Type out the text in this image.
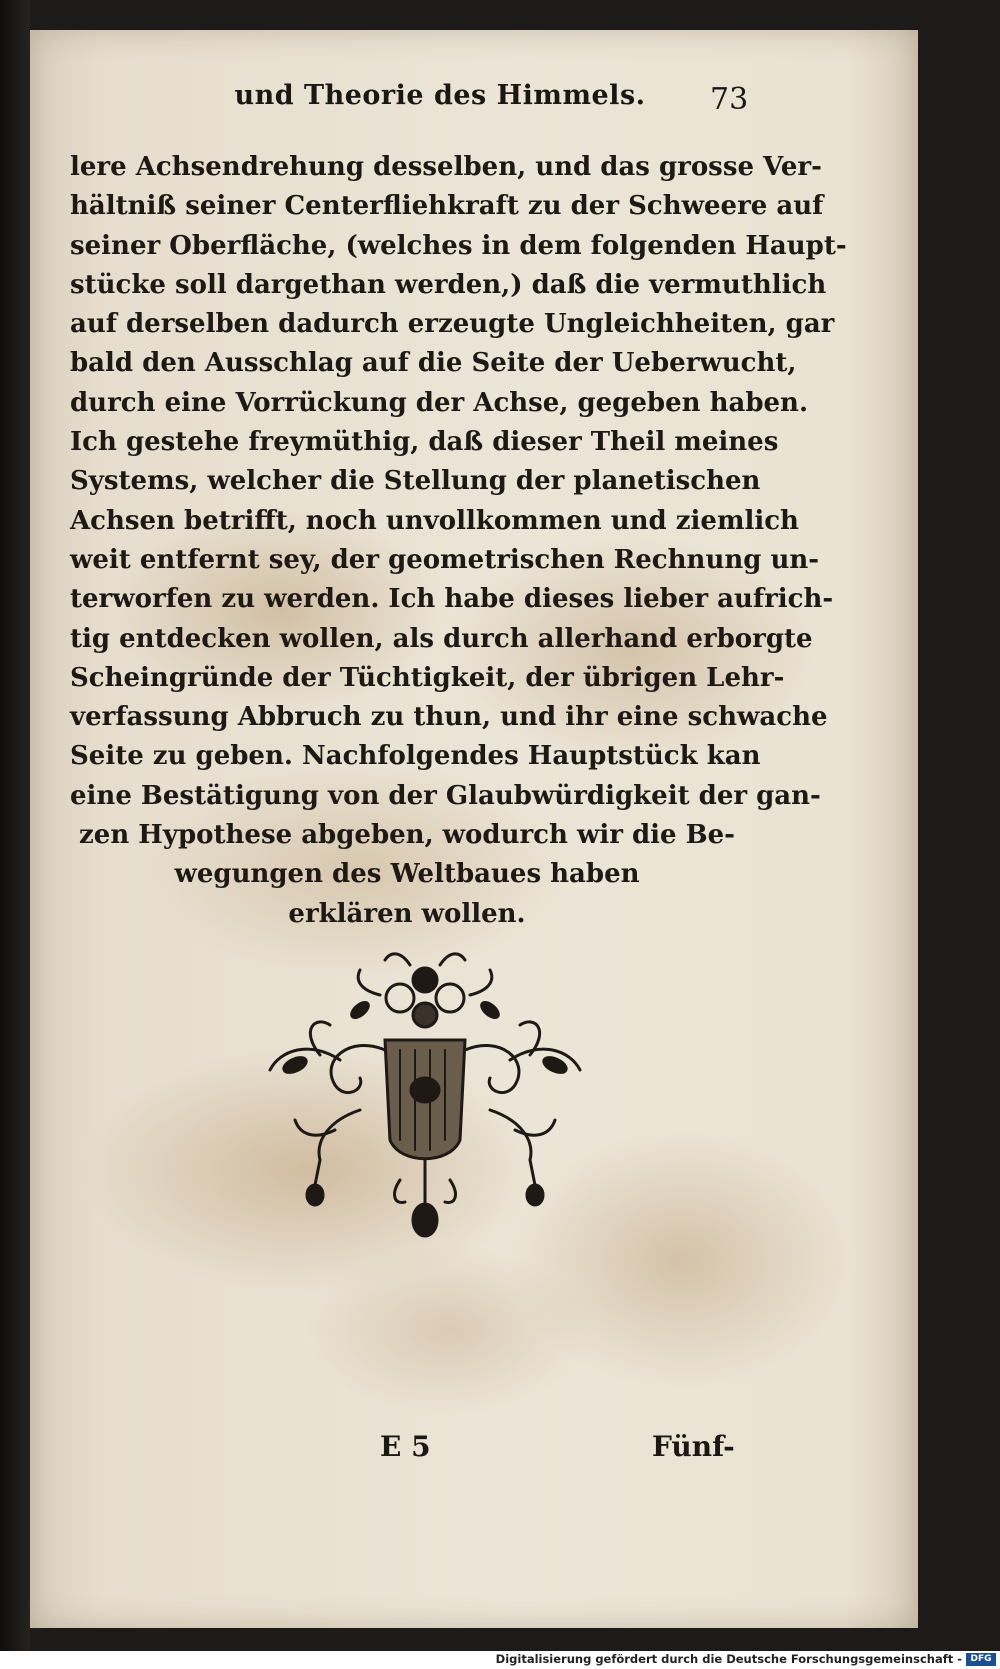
und Theorie des Himmels. 73
lere Achsendrehung desselben, und das grosse Ver-
hältniß seiner Centerfliehkraft zu der Schweere auf
seiner Oberfläche, (welches in dem folgenden Haupt-
stücke soll dargethan werden,) daß die vermuthlich
auf derselben dadurch erzeugte Ungleichheiten, gar
bald den Ausschlag auf die Seite der Ueberwucht,
durch eine Vorrückung der Achse, gegeben haben.
Ich gestehe freymüthig, daß dieser Theil meines
Systems, welcher die Stellung der planetischen
Achsen betrifft, noch unvollkommen und ziemlich
weit entfernt sey, der geometrischen Rechnung un-
terworfen zu werden. Ich habe dieses lieber aufrich-
tig entdecken wollen, als durch allerhand erborgte
Scheingründe der Tüchtigkeit, der übrigen Lehr-
verfassung Abbruch zu thun, und ihr eine schwache
Seite zu geben. Nachfolgendes Hauptstück kan
eine Bestätigung von der Glaubwürdigkeit der gan-
zen Hypothese abgeben, wodurch wir die Be-
wegungen des Weltbaues haben
erklären wollen.
E 5	Fünf-
Digitalisierung gefördert durch die Deutsche Forschungsgemeinschaft - DFG
